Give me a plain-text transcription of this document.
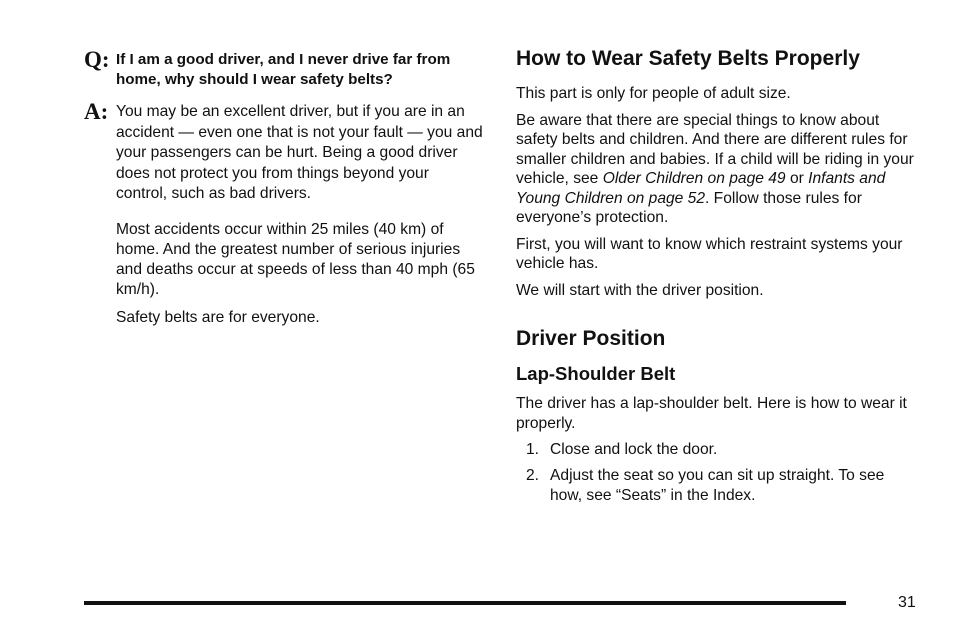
Q: If I am a good driver, and I never drive far from home, why should I wear safety belts?
A: You may be an excellent driver, but if you are in an accident — even one that is not your fault — you and your passengers can be hurt. Being a good driver does not protect you from things beyond your control, such as bad drivers.

Most accidents occur within 25 miles (40 km) of home. And the greatest number of serious injuries and deaths occur at speeds of less than 40 mph (65 km/h).

Safety belts are for everyone.

How to Wear Safety Belts Properly

This part is only for people of adult size.

Be aware that there are special things to know about safety belts and children. And there are different rules for smaller children and babies. If a child will be riding in your vehicle, see Older Children on page 49 or Infants and Young Children on page 52. Follow those rules for everyone’s protection.

First, you will want to know which restraint systems your vehicle has.

We will start with the driver position.

Driver Position
Lap-Shoulder Belt

The driver has a lap-shoulder belt. Here is how to wear it properly.

1. Close and lock the door.
2. Adjust the seat so you can sit up straight. To see how, see “Seats” in the Index.
31
